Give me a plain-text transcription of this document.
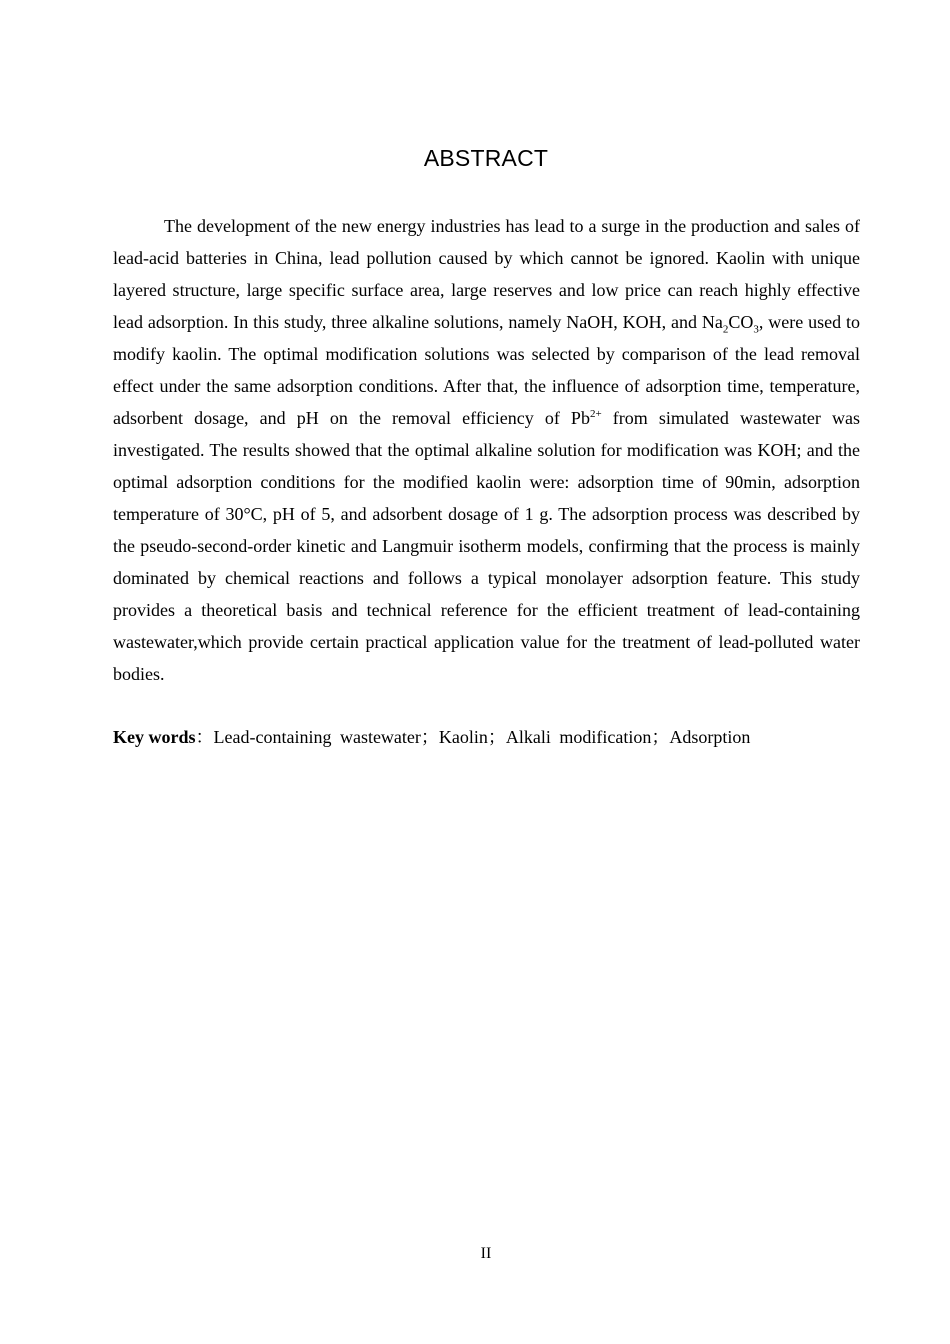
ABSTRACT

The development of the new energy industries has lead to a surge in the production and sales of lead-acid batteries in China, lead pollution caused by which cannot be ignored. Kaolin with unique layered structure, large specific surface area, large reserves and low price can reach highly effective lead adsorption. In this study, three alkaline solutions, namely NaOH, KOH, and $Na_2CO_3$, were used to modify kaolin. The optimal modification solutions was selected by comparison of the lead removal effect under the same adsorption conditions. After that, the influence of adsorption time, temperature, adsorbent dosage, and pH on the removal efficiency of $Pb^{2+}$ from simulated wastewater was investigated. The results showed that the optimal alkaline solution for modification was KOH; and the optimal adsorption conditions for the modified kaolin were: adsorption time of 90min, adsorption temperature of 30°C, pH of 5, and adsorbent dosage of 1 g. The adsorption process was described by the pseudo-second-order kinetic and Langmuir isotherm models, confirming that the process is mainly dominated by chemical reactions and follows a typical monolayer adsorption feature. This study provides a theoretical basis and technical reference for the efficient treatment of lead-containing wastewater,which provide certain practical application value for the treatment of lead-polluted water bodies.

Key words：Lead-containing wastewater；Kaolin；Alkali modification；Adsorption

II
